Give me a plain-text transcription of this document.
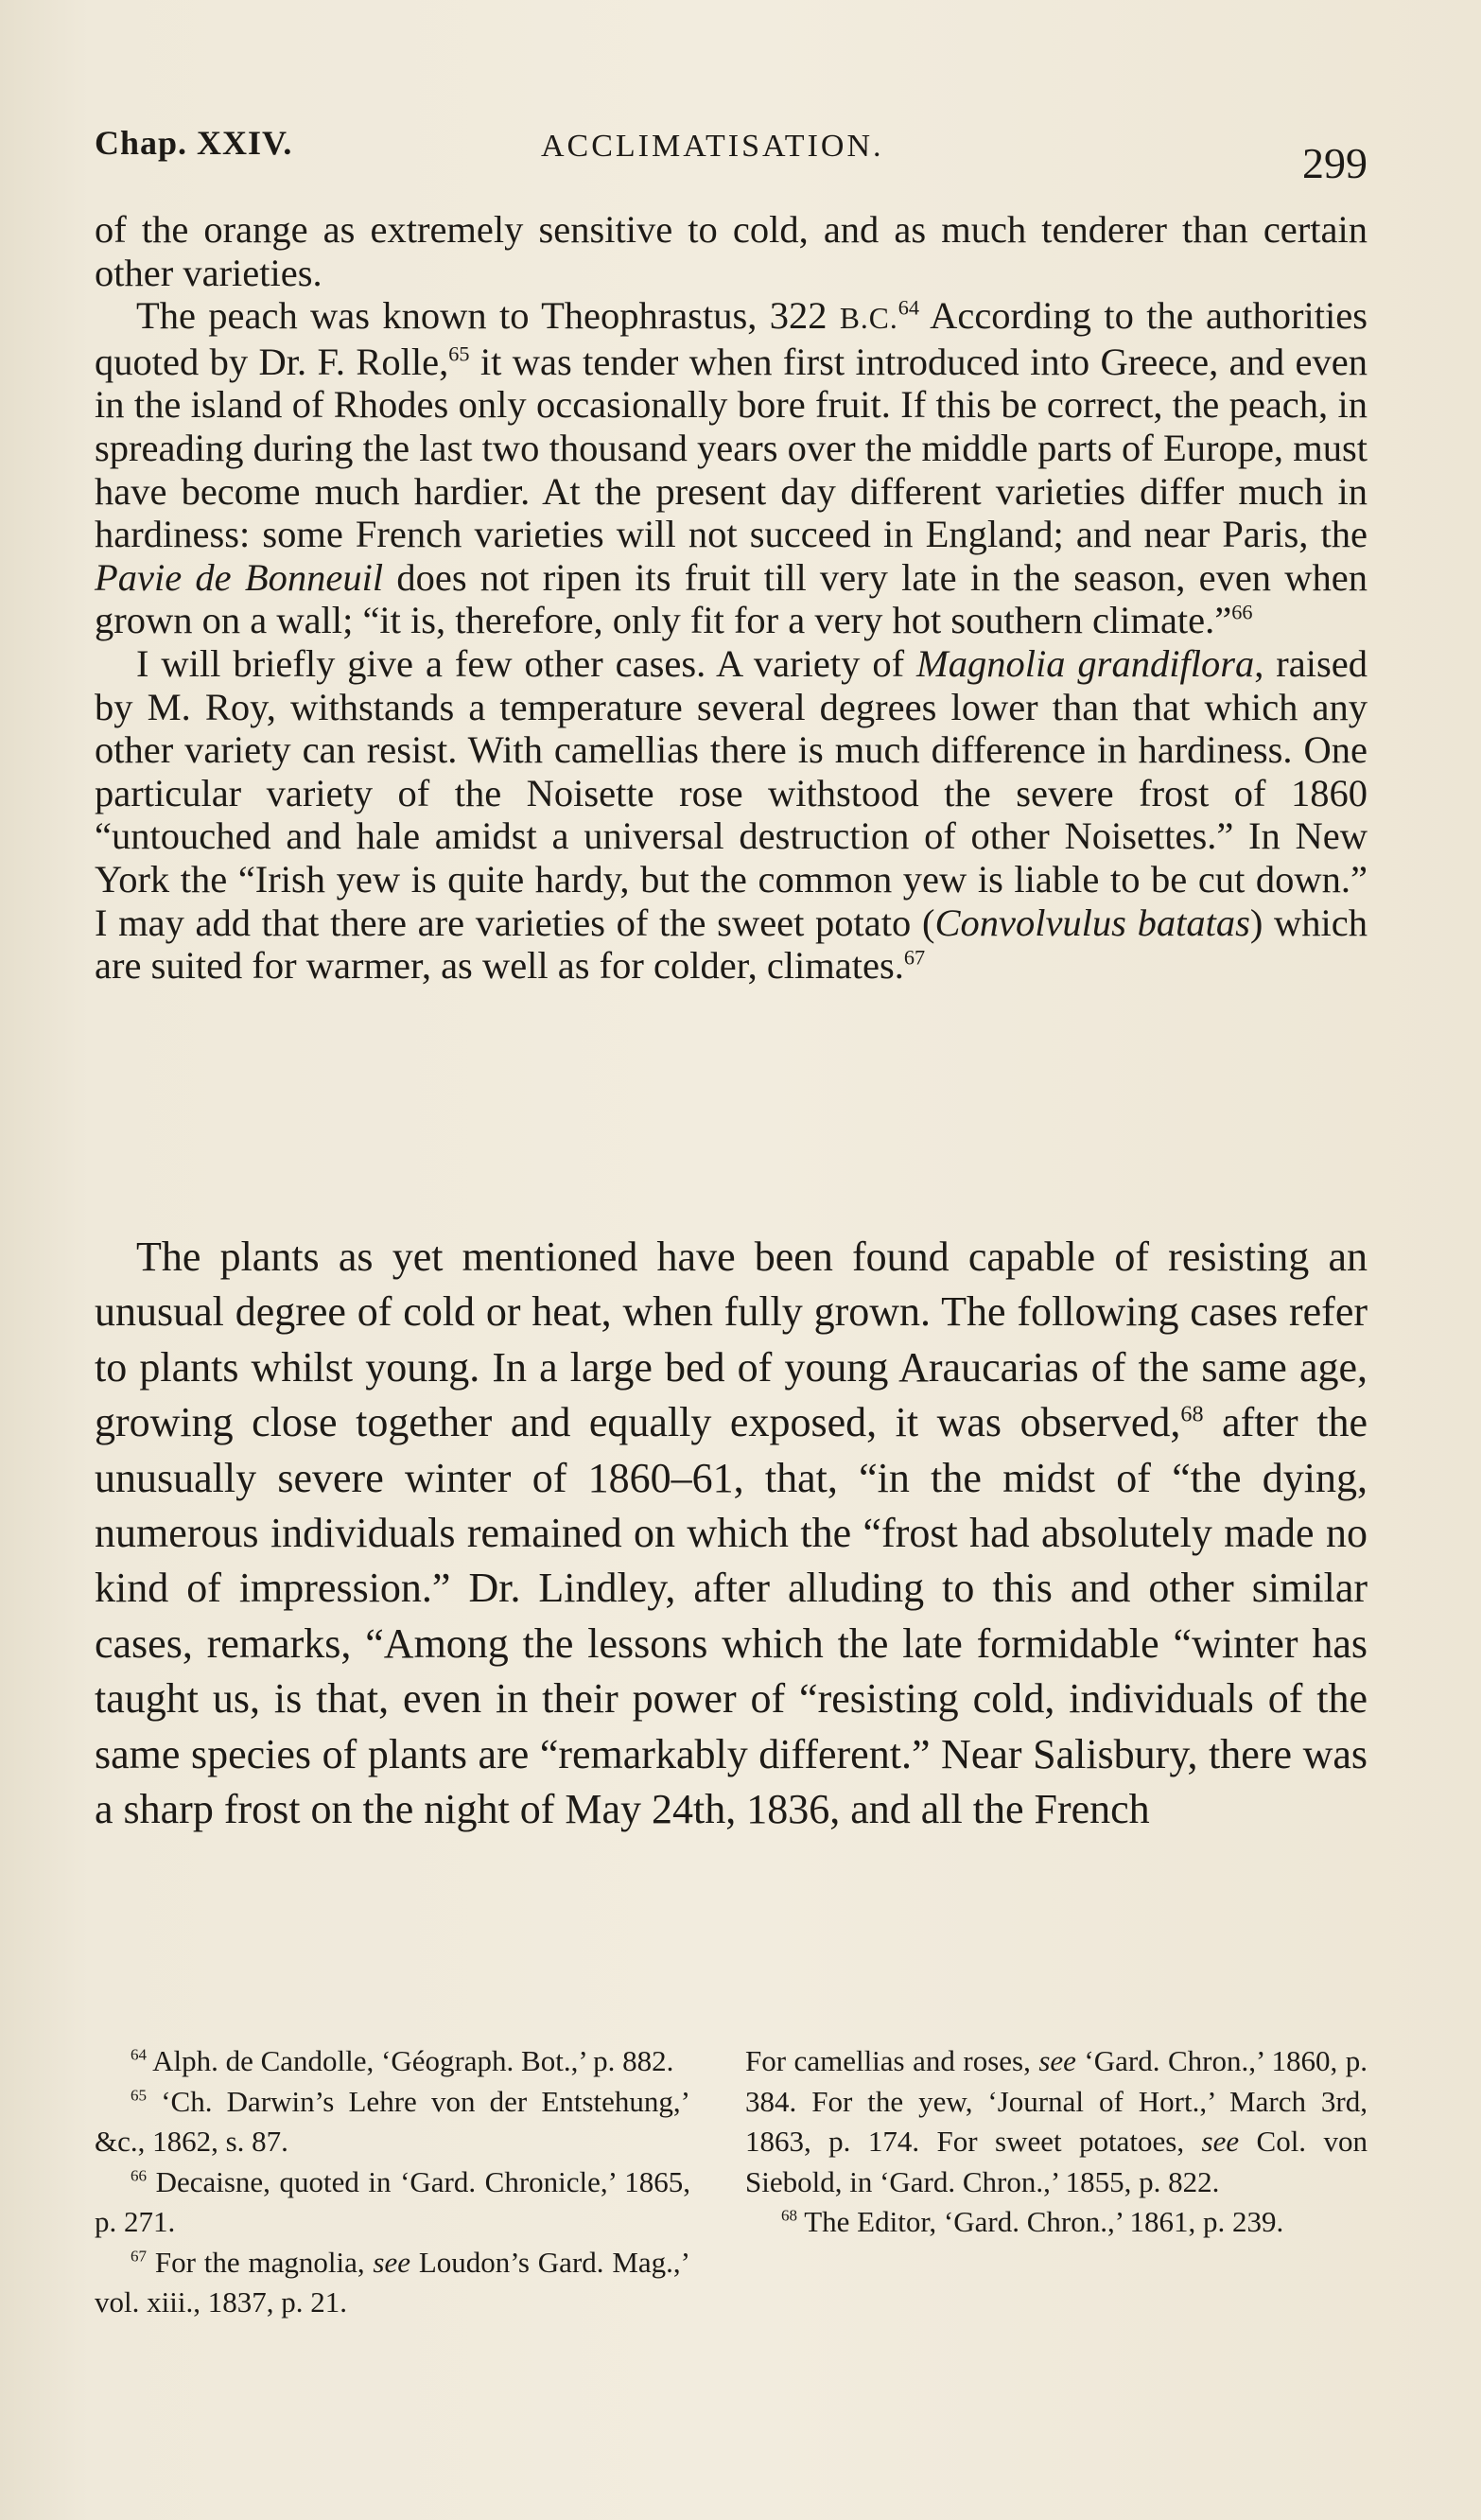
Chap. XXIV.	ACCLIMATISATION.	299

of the orange as extremely sensitive to cold, and as much tenderer than certain other varieties.

The peach was known to Theophrastus, 322 B.C.$^{64}$ According to the authorities quoted by Dr. F. Rolle,$^{65}$ it was tender when first introduced into Greece, and even in the island of Rhodes only occasionally bore fruit. If this be correct, the peach, in spreading during the last two thousand years over the middle parts of Europe, must have become much hardier. At the present day different varieties differ much in hardiness: some French varieties will not succeed in England; and near Paris, the Pavie de Bonneuil does not ripen its fruit till very late in the season, even when grown on a wall; “it is, therefore, only fit for a very hot southern climate.”$^{66}$

I will briefly give a few other cases. A variety of Magnolia grandiflora, raised by M. Roy, withstands a temperature several degrees lower than that which any other variety can resist. With camellias there is much difference in hardiness. One particular variety of the Noisette rose withstood the severe frost of 1860 “untouched and hale amidst a universal destruction of other Noisettes.” In New York the “Irish yew is quite hardy, but the common yew is liable to be cut down.” I may add that there are varieties of the sweet potato (Convolvulus batatas) which are suited for warmer, as well as for colder, climates.$^{67}$

The plants as yet mentioned have been found capable of resisting an unusual degree of cold or heat, when fully grown. The following cases refer to plants whilst young. In a large bed of young Araucarias of the same age, growing close together and equally exposed, it was observed,$^{68}$ after the unusually severe winter of 1860–61, that, “in the midst of “the dying, numerous individuals remained on which the “frost had absolutely made no kind of impression.” Dr. Lindley, after alluding to this and other similar cases, remarks, “Among the lessons which the late formidable “winter has taught us, is that, even in their power of “resisting cold, individuals of the same species of plants are “remarkably different.” Near Salisbury, there was a sharp frost on the night of May 24th, 1836, and all the French

$^{64}$ Alph. de Candolle, ‘Géograph. Bot.,’ p. 882.

$^{65}$ ‘Ch. Darwin’s Lehre von der Entstehung,’ &c., 1862, s. 87.

$^{66}$ Decaisne, quoted in ‘Gard. Chronicle,’ 1865, p. 271.

$^{67}$ For the magnolia, see Loudon’s Gard. Mag.,’ vol. xiii., 1837, p. 21.

For camellias and roses, see ‘Gard. Chron.,’ 1860, p. 384. For the yew, ‘Journal of Hort.,’ March 3rd, 1863, p. 174. For sweet potatoes, see Col. von Siebold, in ‘Gard. Chron.,’ 1855, p. 822.

$^{68}$ The Editor, ‘Gard. Chron.,’ 1861, p. 239.
